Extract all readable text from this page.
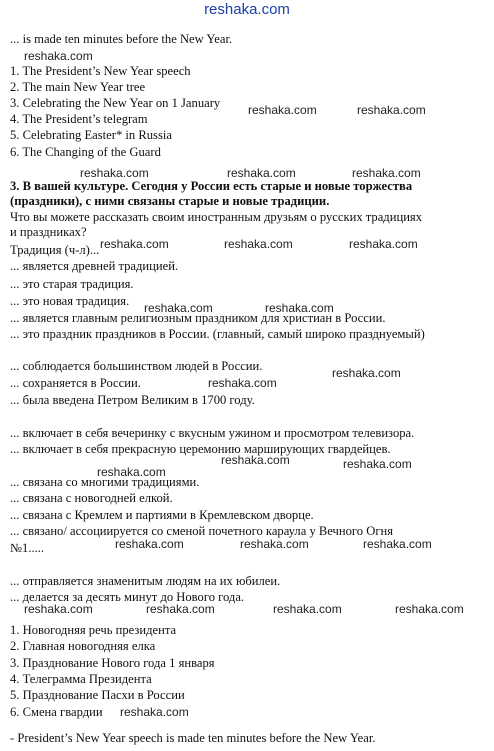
reshaka.com
... is made ten minutes before the New Year.
1. The President’s New Year speech
2. The main New Year tree
3. Celebrating the New Year on 1 January
4. The President’s telegram
5. Celebrating Easter* in Russia
6. The Changing of the Guard
3. В вашей культуре. Сегодня у России есть старые и новые торжества
(праздники), с ними связаны старые и новые традиции.
Что вы можете рассказать своим иностранным друзьям о русских традициях
и праздниках?
Традиция (ч-л)...
... является древней традицией.
... это старая традиция.
... это новая традиция.
... является главным религиозным праздником для христиан в России.
... это праздник праздников в России. (главный, самый широко празднуемый)
... соблюдается большинством людей в России.
... сохраняется в России.
... была введена Петром Великим в 1700 году.
... включает в себя вечеринку с вкусным ужином и просмотром телевизора.
... включает в себя прекрасную церемонию марширующих гвардейцев.
... связана со многими традициями.
... связана с новогодней елкой.
... связана с Кремлем и партиями в Кремлевском дворце.
... связано/ ассоциируется со сменой почетного караула у Вечного Огня
№1.....
... отправляется знаменитым людям на их юбилеи.
... делается за десять минут до Нового года.
1. Новогодняя речь президента
2. Главная новогодняя елка
3. Празднование Нового года 1 января
4. Телеграмма Президента
5. Празднование Пасхи в России
6. Смена гвардии
- President’s New Year speech is made ten minutes before the New Year.
reshaka.com
reshaka.com	reshaka.com
reshaka.com	reshaka.com	reshaka.com
reshaka.com	reshaka.com	reshaka.com
reshaka.com	reshaka.com
reshaka.com
reshaka.com
reshaka.com
reshaka.com
reshaka.com
reshaka.com	reshaka.com	reshaka.com
reshaka.com	reshaka.com	reshaka.com	reshaka.com
reshaka.com
